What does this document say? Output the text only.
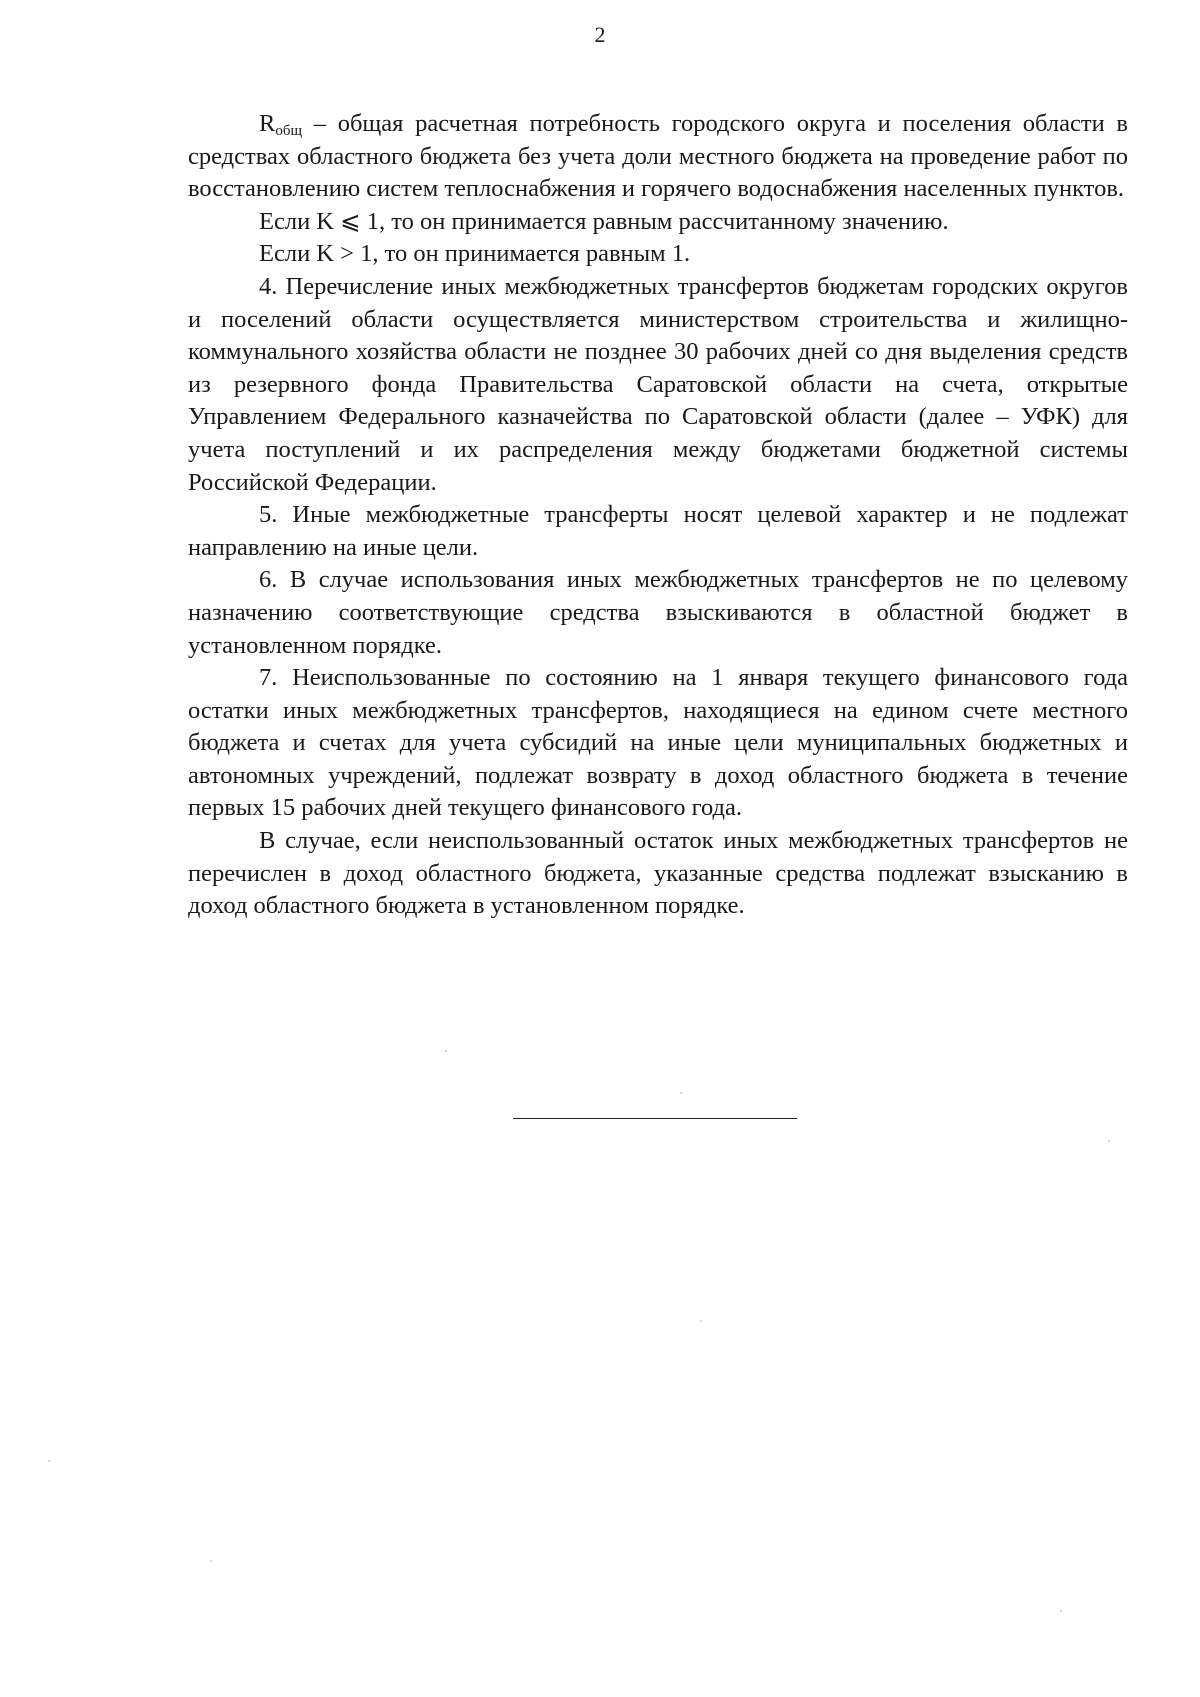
2

$R_{общ}$ – общая расчетная потребность городского округа и поселения области в средствах областного бюджета без учета доли местного бюджета на проведение работ по восстановлению систем теплоснабжения и горячего водоснабжения населенных пунктов.

Если K ⩽ 1, то он принимается равным рассчитанному значению.

Если K > 1, то он принимается равным 1.

4. Перечисление иных межбюджетных трансфертов бюджетам городских округов и поселений области осуществляется министерством строительства и жилищно-коммунального хозяйства области не позднее 30 рабочих дней со дня выделения средств из резервного фонда Правительства Саратовской области на счета, открытые Управлением Федерального казначейства по Саратовской области (далее – УФК) для учета поступлений и их распределения между бюджетами бюджетной системы Российской Федерации.

5. Иные межбюджетные трансферты носят целевой характер и не подлежат направлению на иные цели.

6. В случае использования иных межбюджетных трансфертов не по целевому назначению соответствующие средства взыскиваются в областной бюджет в установленном порядке.

7. Неиспользованные по состоянию на 1 января текущего финансового года остатки иных межбюджетных трансфертов, находящиеся на едином счете местного бюджета и счетах для учета субсидий на иные цели муниципальных бюджетных и автономных учреждений, подлежат возврату в доход областного бюджета в течение первых 15 рабочих дней текущего финансового года.

В случае, если неиспользованный остаток иных межбюджетных трансфертов не перечислен в доход областного бюджета, указанные средства подлежат взысканию в доход областного бюджета в установленном порядке.
